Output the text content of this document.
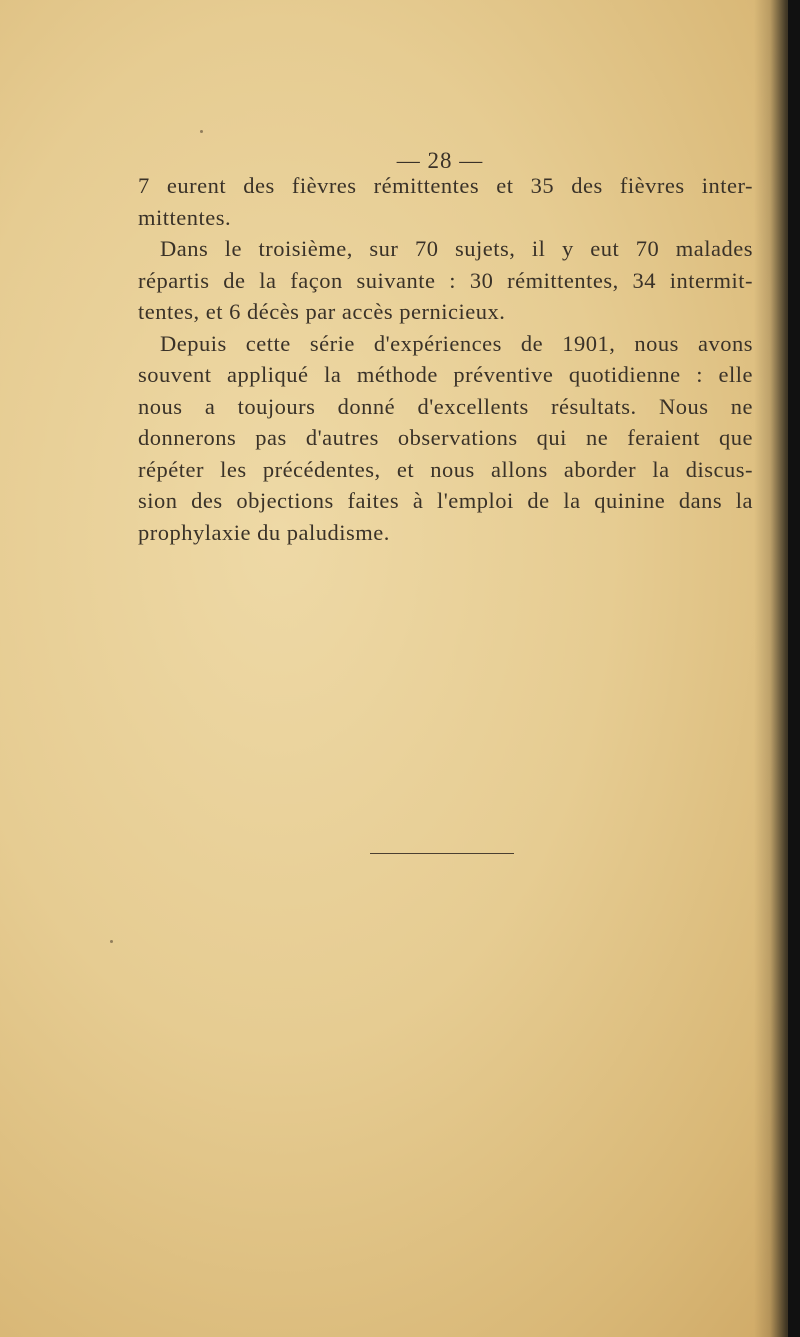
— 28 —
7 eurent des fièvres rémittentes et 35 des fièvres inter-
mittentes.
Dans le troisième, sur 70 sujets, il y eut 70 malades
répartis de la façon suivante : 30 rémittentes, 34 intermit-
tentes, et 6 décès par accès pernicieux.
Depuis cette série d'expériences de 1901, nous avons
souvent appliqué la méthode préventive quotidienne : elle
nous a toujours donné d'excellents résultats. Nous ne
donnerons pas d'autres observations qui ne feraient que
répéter les précédentes, et nous allons aborder la discus-
sion des objections faites à l'emploi de la quinine dans la
prophylaxie du paludisme.
